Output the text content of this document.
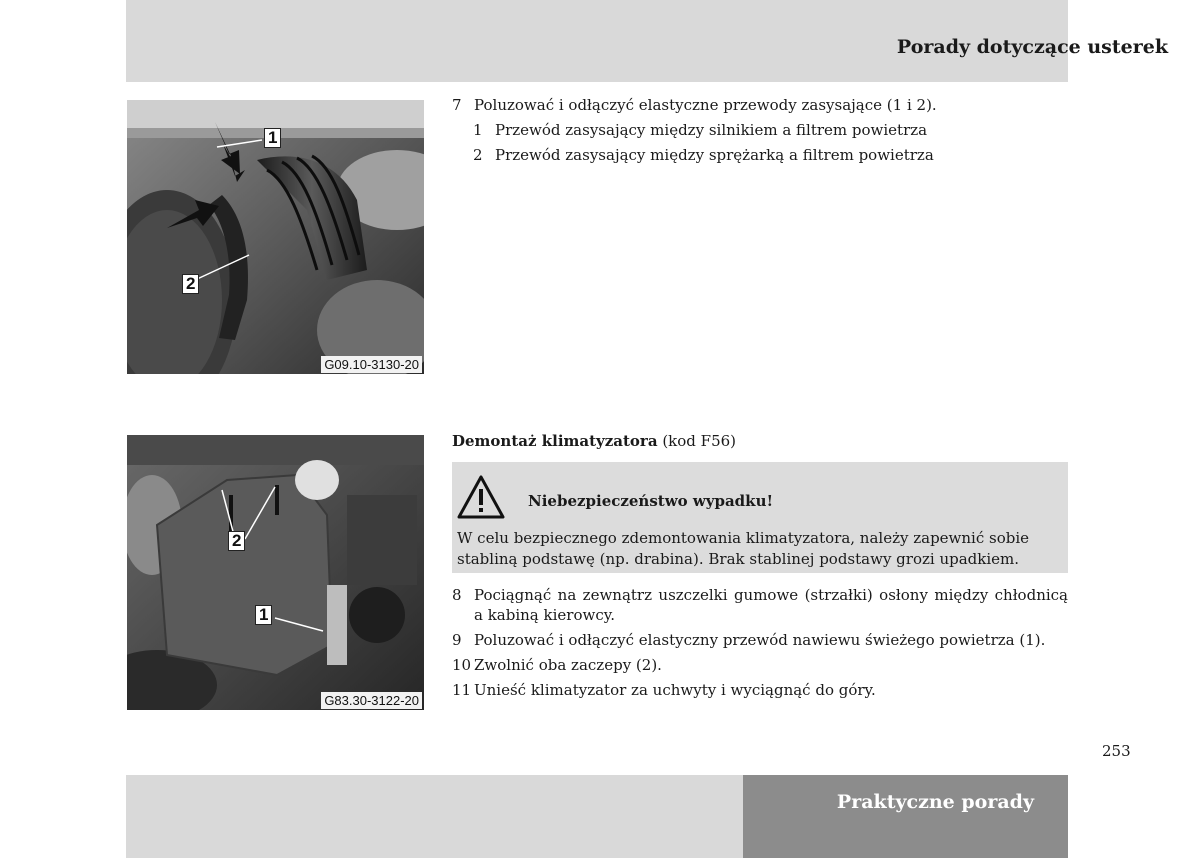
Porady dotyczące usterek
1
2
G09.10-3130-20
7 Poluzować i odłączyć elastyczne przewody zasysające (1 i 2).
1 Przewód zasysający między silnikiem a filtrem powietrza
2 Przewód zasysający między sprężarką a filtrem powietrza
2
1
G83.30-3122-20
Demontaż klimatyzatora (kod F56)
Niebezpieczeństwo wypadku!
W celu bezpiecznego zdemontowania klimatyzatora, należy zapewnić sobie stabliną podstawę (np. drabina). Brak stablinej podstawy grozi upadkiem.
8 Pociągnąć na zewnątrz uszczelki gumowe (strzałki) osłony między chłodnicą a kabiną kierowcy.
9 Poluzować i odłączyć elastyczny przewód nawiewu świeżego powietrza (1).
10 Zwolnić oba zaczepy (2).
11 Unieść klimatyzator za uchwyty i wyciągnąć do góry.
253
Praktyczne porady
